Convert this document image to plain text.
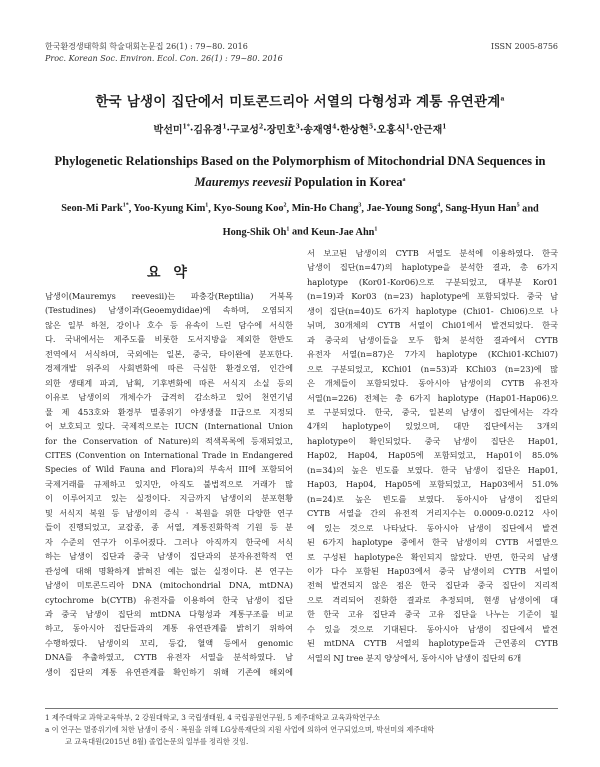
한국환경생태학회 학술대회논문집 26(1) : 79~80. 2016	ISSN 2005-8756
Proc. Korean Soc. Environ. Ecol. Con. 26(1) : 79~80. 2016
한국 남생이 집단에서 미토콘드리아 서열의 다형성과 계통 유연관계$^a$
박선미$^{1*}$·김유경$^1$·구교성$^2$·장민호$^3$·송재영$^4$·한상현$^5$·오홍식$^1$·안근재$^1$
Phylogenetic Relationships Based on the Polymorphism of Mitochondrial DNA Sequences in
Mauremys reevesii Population in Korea$^a$
Seon-Mi Park$^{1*}$, Yoo-Kyung Kim$^1$, Kyo-Soung Koo$^2$, Min-Ho Chang$^3$, Jae-Young Song$^4$, Sang-Hyun Han$^5$ and
Hong-Shik Oh$^1$ and Keun-Jae Ahn$^1$
요 약

남생이(Mauremys reevesii)는 파충강(Reptilia) 거북목

(Testudines) 남생이과(Geoemydidae)에 속하며, 오염되지

않은 일부 하천, 강이나 호수 등 유속이 느린 담수에 서식한

다. 국내에서는 제주도를 비롯한 도서지방을 제외한 한반도

전역에서 서식하며, 국외에는 일본, 중국, 타이완에 분포한다.

경제개발 위주의 사회변화에 따른 극심한 환경오염, 인간에

의한 생태계 파괴, 남획, 기후변화에 따른 서식지 소실 등의

이유로 남생이의 개체수가 급격히 감소하고 있어 천연기념

물 제 453호와 환경부 멸종위기 야생생물 II급으로 지정되

어 보호되고 있다. 국제적으로는 IUCN (International Union

for the Conservation of Nature)의 적색목록에 등재되었고,

CITES (Convention on International Trade in Endangered

Species of Wild Fauna and Flora)의 부속서 III에 포함되어

국제거래를 규제하고 있지만, 아직도 불법적으로 거래가 많

이 이루어지고 있는 실정이다. 지금까지 남생이의 분포현황

및 서식지 복원 등 남생이의 증식 · 복원을 위한 다양한 연구

들이 진행되었고, 교잡종, 종 서열, 계통진화학적 기원 등 분

자 수준의 연구가 이루어졌다. 그러나 아직까지 한국에 서식

하는 남생이 집단과 중국 남생이 집단과의 분자유전학적 연

관성에 대해 명확하게 밝혀진 예는 없는 실정이다. 본 연구는

남생이 미토콘드리아 DNA (mitochondrial DNA, mtDNA)

cytochrome b(CYTB) 유전자를 이용하여 한국 남생이 집단

과 중국 남생이 집단의 mtDNA 다형성과 계통구조를 비교

하고, 동아시아 집단들과의 계통 유연관계를 밝히기 위하여

수행하였다. 남생이의 꼬리, 등갑, 혈액 등에서 genomic

DNA를 추출하였고, CYTB 유전자 서열을 분석하였다. 남

생이 집단의 계통 유연관계를 확인하기 위해 기존에 해외에

서 보고된 남생이의 CYTB 서열도 분석에 이용하였다. 한국

남생이 집단(n=47)의 haplotype을 분석한 결과, 총 6가지

haplotype (Kor01-Kor06)으로 구분되었고, 대부분 Kor01

(n=19)과 Kor03 (n=23) haplotype에 포함되었다. 중국 남

생이 집단(n=40)도 6가지 haplotype (Chi01- Chi06)으로 나

뉘며, 30개체의 CYTB 서열이 Chi01에서 발견되었다. 한국

과 중국의 남생이들을 모두 합쳐 분석한 결과에서 CYTB

유전자 서열(n=87)은 7가지 haplotype (KChi01-KChi07)

으로 구분되었고, KChi01 (n=53)과 KChi03 (n=23)에 많

은 개체들이 포함되었다. 동아시아 남생이의 CYTB 유전자

서열(n=226) 전체는 총 6가지 haplotype (Hap01-Hap06)으

로 구분되었다. 한국, 중국, 일본의 남생이 집단에서는 각각

4개의 haplotype이 있었으며, 대만 집단에서는 3개의

haplotype이 확인되었다. 중국 남생이 집단은 Hap01,

Hap02, Hap04, Hap05에 포함되었고, Hap01이 85.0%

(n=34)의 높은 빈도를 보였다. 한국 남생이 집단은 Hap01,

Hap03, Hap04, Hap05에 포함되었고, Hap03에서 51.0%

(n=24)로 높은 빈도를 보였다. 동아시아 남생이 집단의

CYTB 서열을 간의 유전적 거리지수는 0.0009-0.0212 사이

에 있는 것으로 나타났다. 동아시아 남생이 집단에서 발견

된 6가지 haplotype 중에서 한국 남생이의 CYTB 서열만으

로 구성된 haplotype은 확인되지 않았다. 반면, 한국의 남생

이가 다수 포함된 Hap03에서 중국 남생이의 CYTB 서열이

전혀 발견되지 않은 점은 한국 집단과 중국 집단이 지리적

으로 격리되어 진화한 결과로 추정되며, 현생 남생이에 대

한 한국 고유 집단과 중국 고유 집단을 나누는 기준이 될

수 있을 것으로 기대된다. 동아시아 남생이 집단에서 발견

된 mtDNA CYTB 서열의 haplotype들과 근연종의 CYTB

서열의 NJ tree 분지 양상에서, 동아시아 남생이 집단의 6개

1 제주대학교 과학교육학부, 2 강원대학교, 3 국립생태원, 4 국립공원연구원, 5 제주대학교 교육과학연구소
a 이 연구는 멸종위기에 처한 남생이 증식 · 복원을 위해 LG상록재단의 지원 사업에 의하여 연구되었으며, 박선미의 제주대학
교 교육대원(2015년 8월) 졸업논문의 일부를 정리한 것임.
